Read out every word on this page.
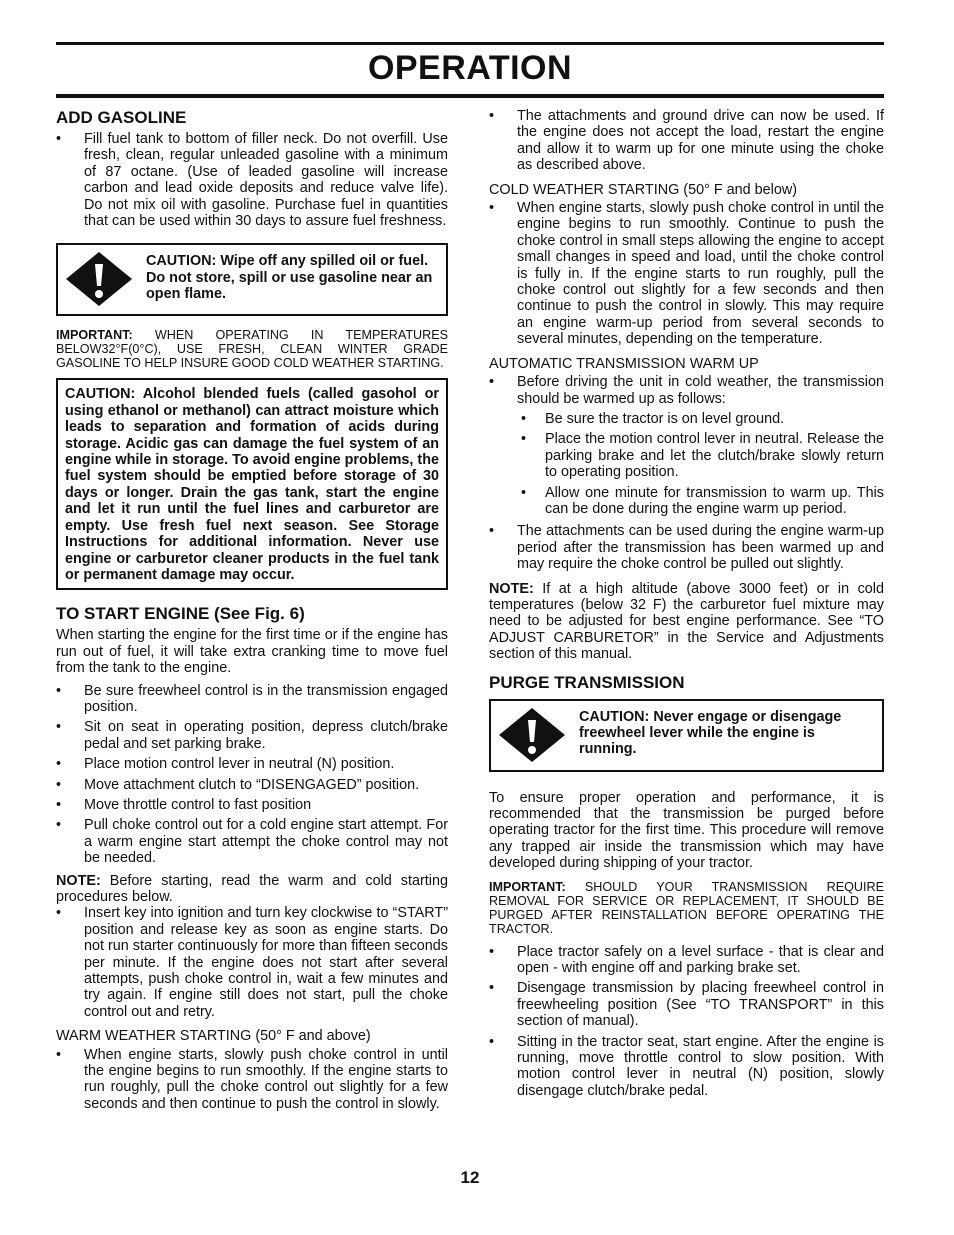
OPERATION
ADD GASOLINE
• Fill fuel tank to bottom of filler neck. Do not overfill. Use fresh, clean, regular unleaded gasoline with a minimum of 87 octane. (Use of leaded gasoline will increase carbon and lead oxide deposits and reduce valve life). Do not mix oil with gasoline. Purchase fuel in quantities that can be used within 30 days to assure fuel freshness.
CAUTION: Wipe off any spilled oil or fuel. Do not store, spill or use gasoline near an open flame.
IMPORTANT: WHEN OPERATING IN TEMPERATURES BELOW32°F(0°C), USE FRESH, CLEAN WINTER GRADE GASOLINE TO HELP INSURE GOOD COLD WEATHER STARTING.
CAUTION: Alcohol blended fuels (called gasohol or using ethanol or methanol) can attract moisture which leads to separation and formation of acids during storage. Acidic gas can damage the fuel system of an engine while in storage. To avoid engine problems, the fuel system should be emptied before storage of 30 days or longer. Drain the gas tank, start the engine and let it run until the fuel lines and carburetor are empty. Use fresh fuel next season. See Storage Instructions for additional information. Never use engine or carburetor cleaner products in the fuel tank or permanent damage may occur.
TO START ENGINE (See Fig. 6)

When starting the engine for the first time or if the engine has run out of fuel, it will take extra cranking time to move fuel from the tank to the engine.

• Be sure freewheel control is in the transmission engaged position.
• Sit on seat in operating position, depress clutch/brake pedal and set parking brake.
• Place motion control lever in neutral (N) position.
• Move attachment clutch to “DISENGAGED” position.
• Move throttle control to fast position
• Pull choke control out for a cold engine start attempt. For a warm engine start attempt the choke control may not be needed.

NOTE: Before starting, read the warm and cold starting procedures below.

• Insert key into ignition and turn key clockwise to “START” position and release key as soon as engine starts. Do not run starter continuously for more than fifteen seconds per minute. If the engine does not start after several attempts, push choke control in, wait a few minutes and try again. If engine still does not start, pull the choke control out and retry.
WARM WEATHER STARTING (50° F and above)
• When engine starts, slowly push choke control in until the engine begins to run smoothly. If the engine starts to run roughly, pull the choke control out slightly for a few seconds and then continue to push the control in slowly.
• The attachments and ground drive can now be used. If the engine does not accept the load, restart the engine and allow it to warm up for one minute using the choke as described above.
COLD WEATHER STARTING (50° F and below)
• When engine starts, slowly push choke control in until the engine begins to run smoothly. Continue to push the choke control in small steps allowing the engine to accept small changes in speed and load, until the choke control is fully in. If the engine starts to run roughly, pull the choke control out slightly for a few seconds and then continue to push the control in slowly. This may require an engine warm-up period from several seconds to several minutes, depending on the temperature.
AUTOMATIC TRANSMISSION WARM UP
• Before driving the unit in cold weather, the transmission should be warmed up as follows:
• Be sure the tractor is on level ground.
• Place the motion control lever in neutral. Release the parking brake and let the clutch/brake slowly return to operating position.
• Allow one minute for transmission to warm up. This can be done during the engine warm up period.
• The attachments can be used during the engine warm-up period after the transmission has been warmed up and may require the choke control be pulled out slightly.

NOTE: If at a high altitude (above 3000 feet) or in cold temperatures (below 32 F) the carburetor fuel mixture may need to be adjusted for best engine performance. See “TO ADJUST CARBURETOR” in the Service and Adjustments section of this manual.

PURGE TRANSMISSION
CAUTION: Never engage or disengage freewheel lever while the engine is running.

To ensure proper operation and performance, it is recommended that the transmission be purged before operating tractor for the first time. This procedure will remove any trapped air inside the transmission which may have developed during shipping of your tractor.

IMPORTANT: SHOULD YOUR TRANSMISSION REQUIRE REMOVAL FOR SERVICE OR REPLACEMENT, IT SHOULD BE PURGED AFTER REINSTALLATION BEFORE OPERATING THE TRACTOR.
• Place tractor safely on a level surface - that is clear and open - with engine off and parking brake set.
• Disengage transmission by placing freewheel control in freewheeling position (See “TO TRANSPORT” in this section of manual).
• Sitting in the tractor seat, start engine. After the engine is running, move throttle control to slow position. With motion control lever in neutral (N) position, slowly disengage clutch/brake pedal.
12
